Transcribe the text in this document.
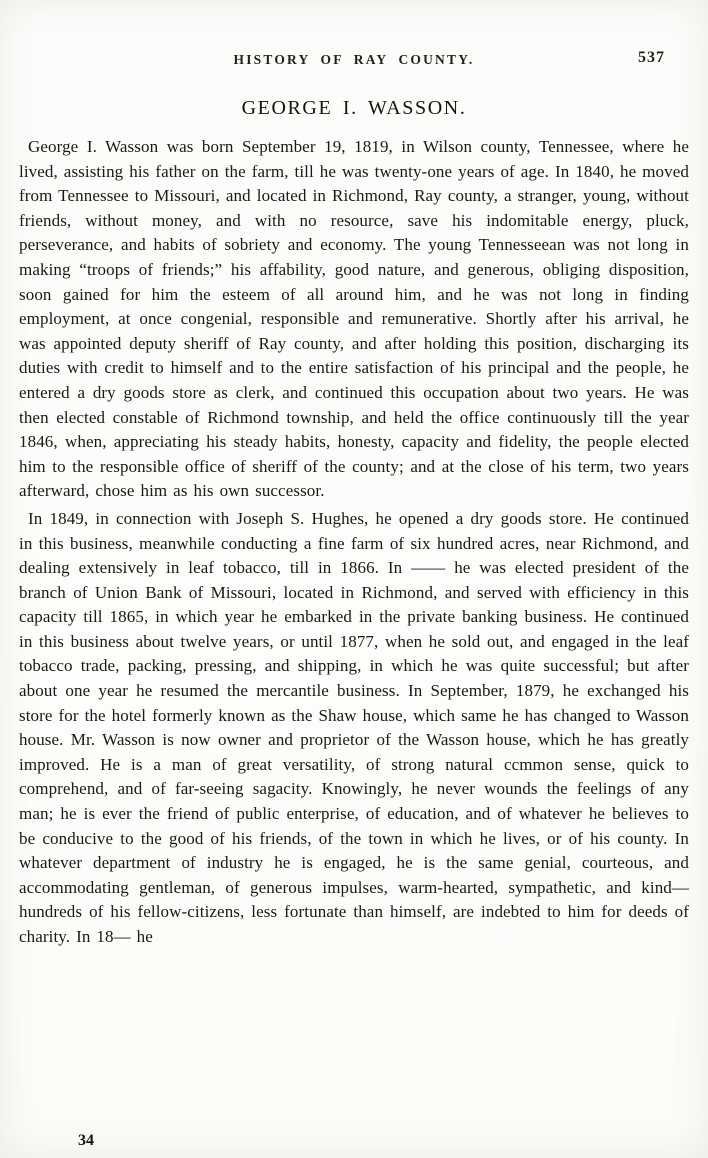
HISTORY OF RAY COUNTY.	537
GEORGE I. WASSON.

George I. Wasson was born September 19, 1819, in Wilson county, Tennessee, where he lived, assisting his father on the farm, till he was twenty-one years of age. In 1840, he moved from Tennessee to Missouri, and located in Richmond, Ray county, a stranger, young, without friends, without money, and with no resource, save his indomitable energy, pluck, perseverance, and habits of sobriety and economy. The young Tennesseean was not long in making “troops of friends;” his affability, good nature, and generous, obliging disposition, soon gained for him the esteem of all around him, and he was not long in finding employment, at once congenial, responsible and remunerative. Shortly after his arrival, he was appointed deputy sheriff of Ray county, and after holding this position, discharging its duties with credit to himself and to the entire satisfaction of his principal and the people, he entered a dry goods store as clerk, and continued this occupation about two years. He was then elected constable of Richmond township, and held the office continuously till the year 1846, when, appreciating his steady habits, honesty, capacity and fidelity, the people elected him to the responsible office of sheriff of the county; and at the close of his term, two years afterward, chose him as his own successor.

In 1849, in connection with Joseph S. Hughes, he opened a dry goods store. He continued in this business, meanwhile conducting a fine farm of six hundred acres, near Richmond, and dealing extensively in leaf tobacco, till in 1866. In —— he was elected president of the branch of Union Bank of Missouri, located in Richmond, and served with efficiency in this capacity till 1865, in which year he embarked in the private banking business. He continued in this business about twelve years, or until 1877, when he sold out, and engaged in the leaf tobacco trade, packing, pressing, and shipping, in which he was quite successful; but after about one year he resumed the mercantile business. In September, 1879, he exchanged his store for the hotel formerly known as the Shaw house, which same he has changed to Wasson house. Mr. Wasson is now owner and proprietor of the Wasson house, which he has greatly improved. He is a man of great versatility, of strong natural ccmmon sense, quick to comprehend, and of far-seeing sagacity. Knowingly, he never wounds the feelings of any man; he is ever the friend of public enterprise, of education, and of whatever he believes to be conducive to the good of his friends, of the town in which he lives, or of his county. In whatever department of industry he is engaged, he is the same genial, courteous, and accommodating gentleman, of generous impulses, warm-hearted, sympathetic, and kind—hundreds of his fellow-citizens, less fortunate than himself, are indebted to him for deeds of charity. In 18— he

34
